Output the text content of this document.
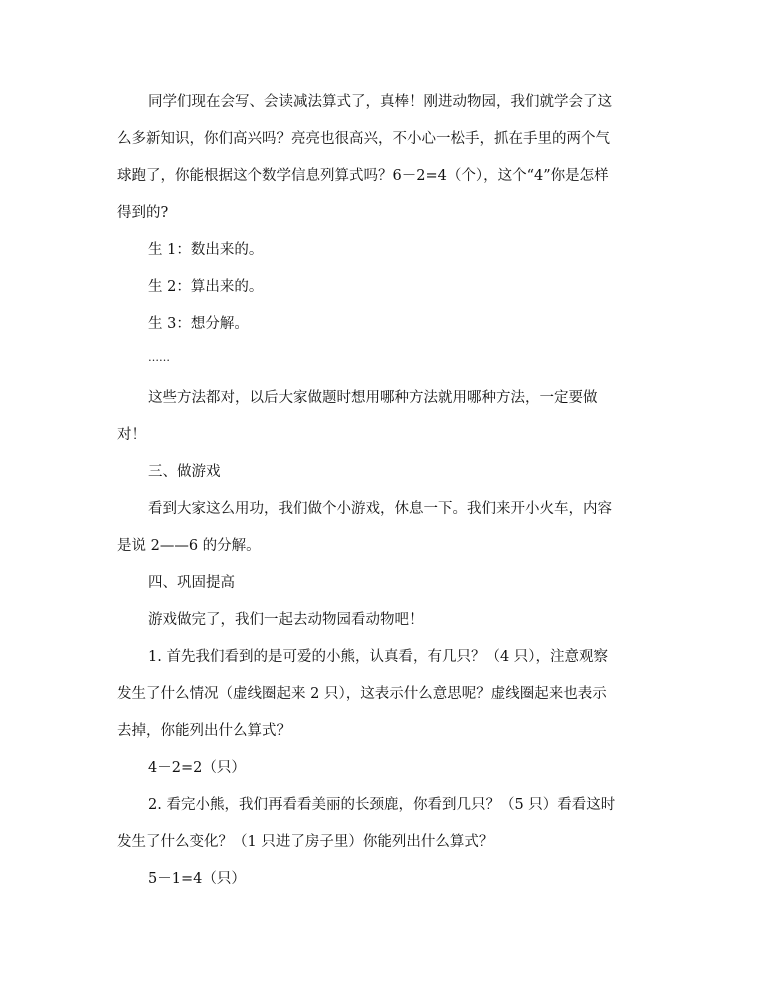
同学们现在会写、会读减法算式了，真棒！刚进动物园，我们就学会了这
么多新知识，你们高兴吗？亮亮也很高兴，不小心一松手，抓在手里的两个气
球跑了，你能根据这个数学信息列算式吗？6－2=4（个），这个“4”你是怎样
得到的?
生 1：数出来的。
生 2：算出来的。
生 3：想分解。
……
这些方法都对，以后大家做题时想用哪种方法就用哪种方法，一定要做
对！
三、做游戏
看到大家这么用功，我们做个小游戏，休息一下。我们来开小火车，内容
是说 2——6 的分解。
四、巩固提高
游戏做完了，我们一起去动物园看动物吧！
1. 首先我们看到的是可爱的小熊，认真看，有几只？（4 只），注意观察
发生了什么情况（虚线圈起来 2 只），这表示什么意思呢？虚线圈起来也表示
去掉，你能列出什么算式？
4－2=2（只）
2. 看完小熊，我们再看看美丽的长颈鹿，你看到几只？（5 只）看看这时
发生了什么变化？（1 只进了房子里）你能列出什么算式？
5－1=4（只）
